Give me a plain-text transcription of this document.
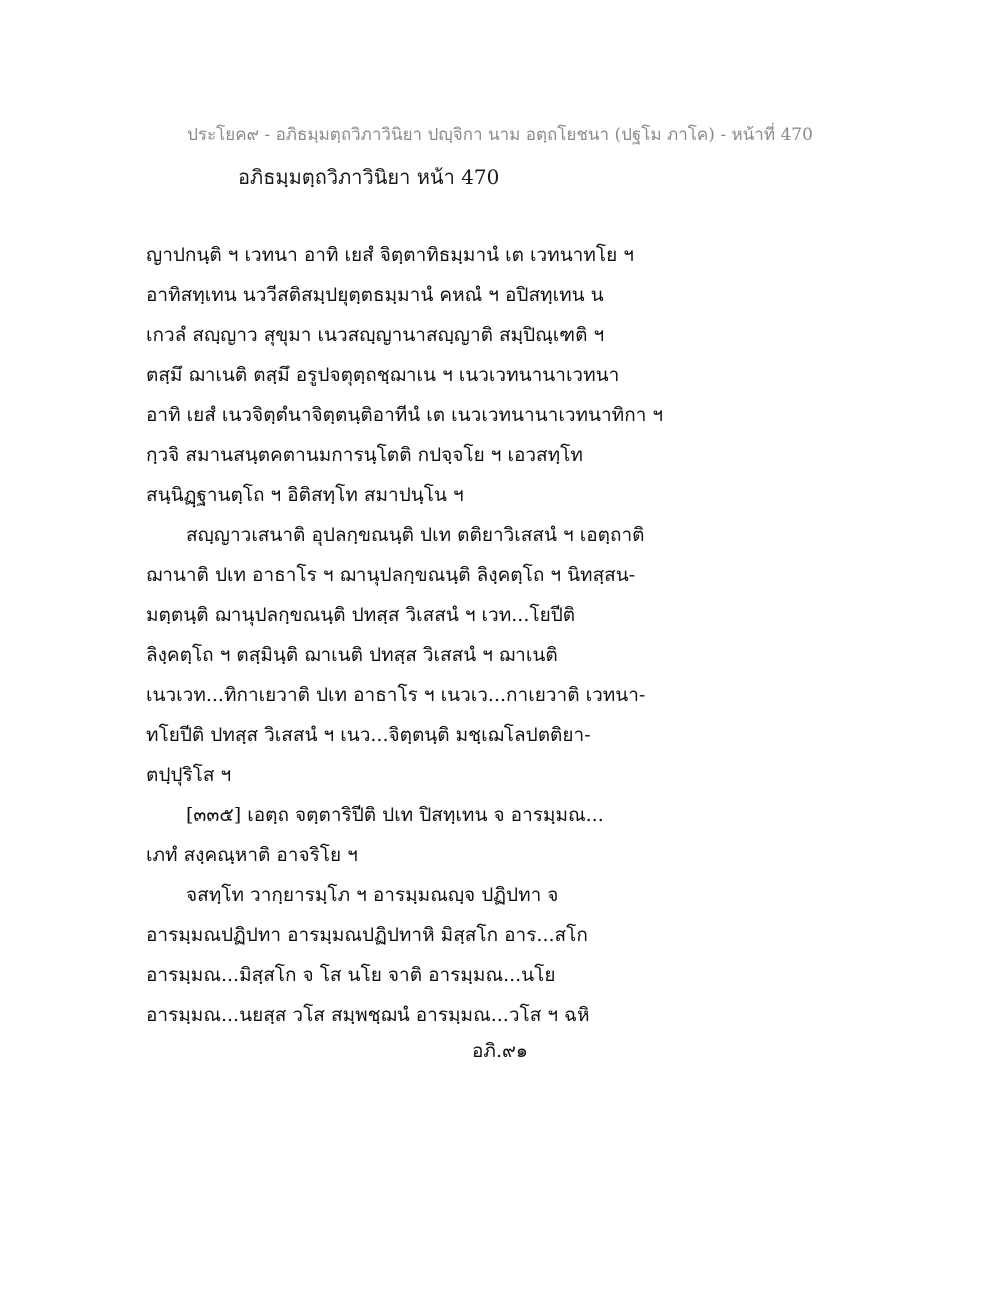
ประโยค๙ - อภิธมฺมตฺถวิภาวินิยา ปญฺจิกา นาม อตฺถโยชนา (ปฐโม ภาโค) - หน้าที่ 470
อภิธมฺมตฺถวิภาวินิยา หน้า 470
ญาปกนฺติ ฯ เวทนา อาทิ เยสํ จิตฺตาทิธมฺมานํ เต เวทนาทโย ฯ
อาทิสทฺเทน นววีสติสมฺปยุตฺตธมฺมานํ คหณํ ฯ อปิสทฺเทน น
เกวลํ สญฺญาว สุขุมา เนวสญฺญานาสญฺญาติ สมฺปิณฺเฑติ ฯ
ตสฺมึ ฌาเนติ ตสฺมึ อรูปจตุตฺถชฺฌาเน ฯ เนวเวทนานาเวทนา
อาทิ เยสํ เนวจิตฺตํนาจิตฺตนฺติอาทีนํ เต เนวเวทนานาเวทนาทิกา ฯ
กฺวจิ สมานสนฺตคตานมการนฺโตติ กปจฺจโย ฯ เอวสทฺโท
สนฺนิฏฺฐานตฺโถ ฯ อิติสทฺโท สมาปนฺโน ฯ
สญฺญาวเสนาติ อุปลกฺขณนฺติ ปเท ตติยาวิเสสนํ ฯ เอตฺถาติ
ฌานาติ ปเท อาธาโร ฯ ฌานุปลกฺขณนฺติ ลิงฺคตฺโถ ฯ นิทสฺสน-
มตฺตนฺติ ฌานุปลกฺขณนฺติ ปทสฺส วิเสสนํ ฯ เวท...โยปีติ
ลิงฺคตฺโถ ฯ ตสฺมินฺติ ฌาเนติ ปทสฺส วิเสสนํ ฯ ฌาเนติ
เนวเวท...ทิกาเยวาติ ปเท อาธาโร ฯ เนวเว...กาเยวาติ เวทนา-
ทโยปีติ ปทสฺส วิเสสนํ ฯ เนว...จิตฺตนฺติ มชฺเฌโลปตติยา-
ตปฺปุริโส ฯ
[๓๓๕] เอตฺถ จตฺตาริปีติ ปเท ปิสทฺเทน จ อารมฺมณ...
เภทํ สงฺคณฺหาติ อาจริโย ฯ
จสทฺโท วากฺยารมฺโภ ฯ อารมฺมณญฺจ ปฏิปทา จ
อารมฺมณปฏิปทา อารมฺมณปฏิปทาหิ มิสฺสโก อาร...สโก
อารมฺมณ...มิสฺสโก จ โส นโย จาติ อารมฺมณ...นโย
อารมฺมณ...นยสฺส วโส สมฺพชฺฌนํ อารมฺมณ...วโส ฯ ฉหิ
อภิ.๙๑
